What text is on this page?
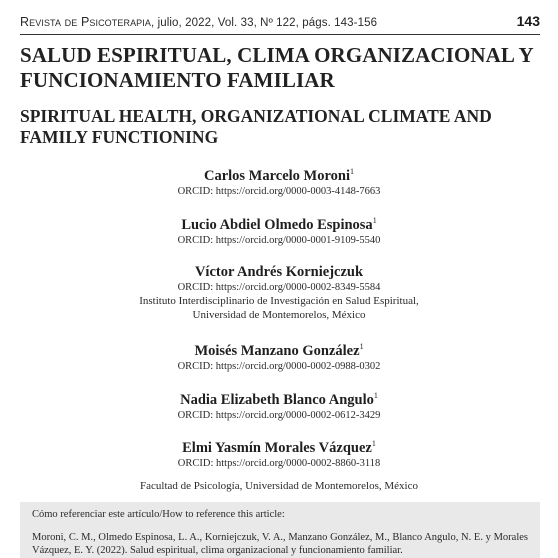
Revista de Psicoterapia, julio, 2022, Vol. 33, Nº 122, págs. 143-156	143
SALUD ESPIRITUAL, CLIMA ORGANIZACIONAL Y FUNCIONAMIENTO FAMILIAR
SPIRITUAL HEALTH, ORGANIZATIONAL CLIMATE AND FAMILY FUNCTIONING
Carlos Marcelo Moroni$^1$
ORCID: https://orcid.org/0000-0003-4148-7663
Lucio Abdiel Olmedo Espinosa$^1$
ORCID: https://orcid.org/0000-0001-9109-5540
Víctor Andrés Korniejczuk
ORCID: https://orcid.org/0000-0002-8349-5584
Instituto Interdisciplinario de Investigación en Salud Espiritual,
Universidad de Montemorelos, México
Moisés Manzano González$^1$
ORCID: https://orcid.org/0000-0002-0988-0302
Nadia Elizabeth Blanco Angulo$^1$
ORCID: https://orcid.org/0000-0002-0612-3429
Elmi Yasmín Morales Vázquez$^1$
ORCID: https://orcid.org/0000-0002-8860-3118
Facultad de Psicología, Universidad de Montemorelos, México
Cómo referenciar este artículo/How to reference this article:
Moroni, C. M., Olmedo Espinosa, L. A., Korniejczuk, V. A., Manzano González, M., Blanco Angulo, N. E. y Morales Vázquez, E. Y. (2022). Salud espiritual, clima organizacional y funcionamiento familiar.
